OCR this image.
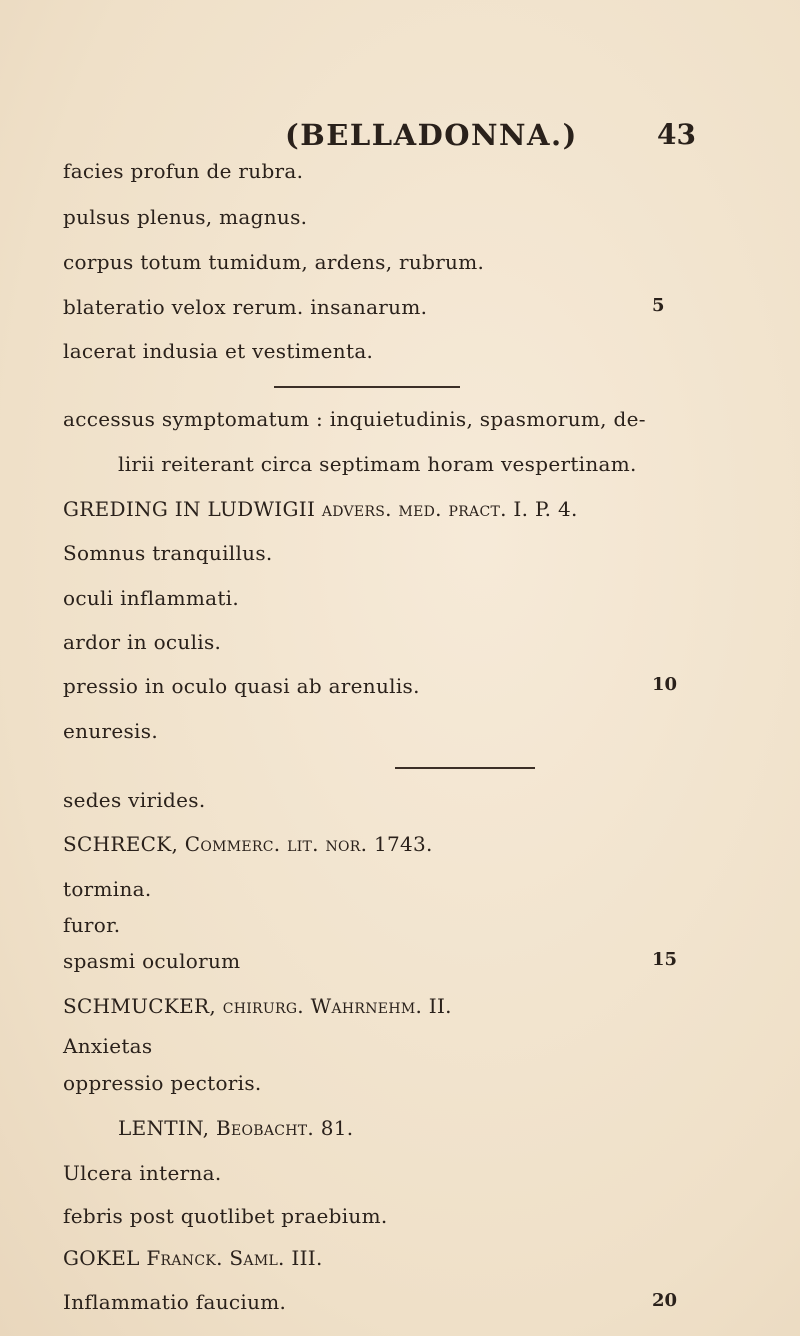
(BELLADONNA.)	43
facies profun de rubra.
pulsus plenus, magnus.
corpus totum tumidum, ardens, rubrum.
blateratio velox rerum. insanarum.	5
lacerat indusia et vestimenta.
accessus symptomatum : inquietudinis, spasmorum, de-
lirii reiterant circa septimam horam vespertinam.
GREDING IN LUDWIGII advers. med. pract. I. P. 4.
Somnus tranquillus.
oculi inflammati.
ardor in oculis.
pressio in oculo quasi ab arenulis.	10
enuresis.
sedes virides.
SCHRECK, Commerc. lit. nor. 1743.
tormina.
furor.
spasmi oculorum	15
SCHMUCKER, chirurg. Wahrnehm. II.
Anxietas
oppressio pectoris.
LENTIN, Beobacht. 81.
Ulcera interna.
febris post quotlibet praebium.
GOKEL Franck. Saml. III.
Inflammatio faucium.	20
